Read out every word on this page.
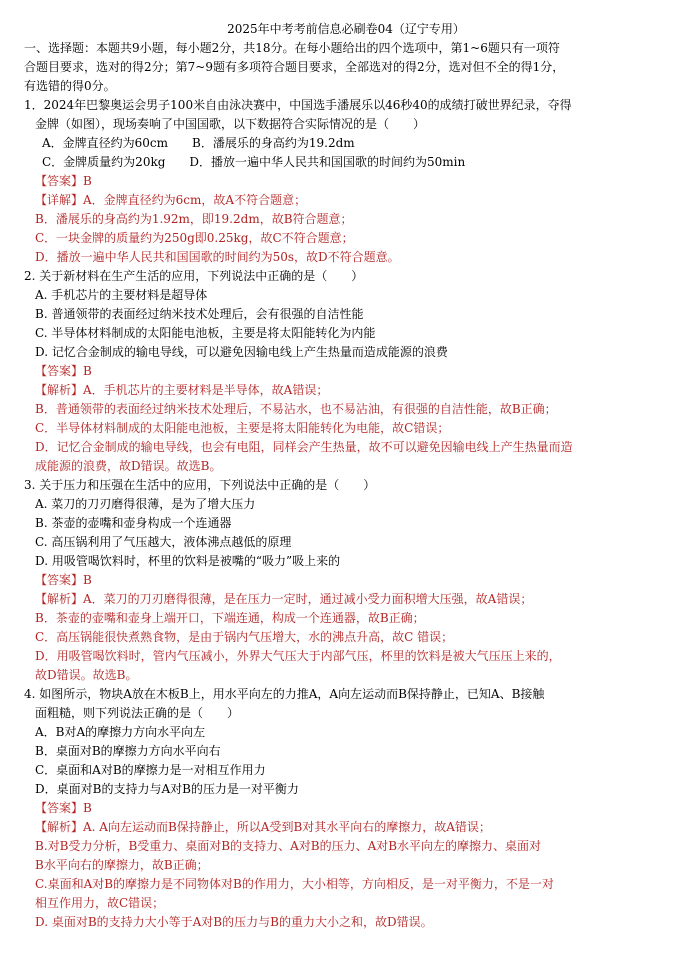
2025年中考考前信息必刷卷04（辽宁专用）
一、选择题：本题共9小题，每小题2分，共18分。在每小题给出的四个选项中，第1~6题只有一项符
合题目要求，选对的得2分；第7~9题有多项符合题目要求，全部选对的得2分，选对但不全的得1分，
有选错的得0分。
1．2024年巴黎奥运会男子100米自由泳决赛中，中国选手潘展乐以46秒40的成绩打破世界纪录，夺得
金牌（如图），现场奏响了中国国歌，以下数据符合实际情况的是（　　）
A．金牌直径约为60cm　　B．潘展乐的身高约为19.2dm
C．金牌质量约为20kg　　D．播放一遍中华人民共和国国歌的时间约为50min
【答案】B
【详解】A．金牌直径约为6cm，故A不符合题意；
B．潘展乐的身高约为1.92m，即19.2dm，故B符合题意；
C．一块金牌的质量约为250g即0.25kg，故C不符合题意；
D．播放一遍中华人民共和国国歌的时间约为50s，故D不符合题意。
2. 关于新材料在生产生活的应用，下列说法中正确的是（　　）
A. 手机芯片的主要材料是超导体
B. 普通领带的表面经过纳米技术处理后，会有很强的自洁性能
C. 半导体材料制成的太阳能电池板，主要是将太阳能转化为内能
D. 记忆合金制成的输电导线，可以避免因输电线上产生热量而造成能源的浪费
【答案】B
【解析】A．手机芯片的主要材料是半导体，故A错误；
B．普通领带的表面经过纳米技术处理后，不易沾水，也不易沾油，有很强的自洁性能，故B正确；
C．半导体材料制成的太阳能电池板，主要是将太阳能转化为电能，故C错误；
D．记忆合金制成的输电导线，也会有电阻，同样会产生热量，故不可以避免因输电线上产生热量而造
成能源的浪费，故D错误。故选B。
3. 关于压力和压强在生活中的应用，下列说法中正确的是（　　）
A. 菜刀的刀刃磨得很薄，是为了增大压力
B. 茶壶的壶嘴和壶身构成一个连通器
C. 高压锅利用了气压越大，液体沸点越低的原理
D. 用吸管喝饮料时，杯里的饮料是被嘴的“吸力”吸上来的
【答案】B
【解析】A．菜刀的刀刃磨得很薄，是在压力一定时，通过减小受力面积增大压强，故A错误；
B．茶壶的壶嘴和壶身上端开口，下端连通，构成一个连通器，故B正确；
C．高压锅能很快煮熟食物，是由于锅内气压增大，水的沸点升高，故C 错误；
D．用吸管喝饮料时，管内气压减小，外界大气压大于内部气压，杯里的饮料是被大气压压上来的，
故D错误。故选B。
4. 如图所示，物块A放在木板B上，用水平向左的力推A，A向左运动而B保持静止，已知A、B接触
面粗糙，则下列说法正确的是（　　）
A．B对A的摩擦力方向水平向左
B．桌面对B的摩擦力方向水平向右
C．桌面和A对B的摩擦力是一对相互作用力
D．桌面对B的支持力与A对B的压力是一对平衡力
【答案】B
【解析】A. A向左运动而B保持静止，所以A受到B对其水平向右的摩擦力，故A错误；
B.对B受力分析，B受重力、桌面对B的支持力、A对B的压力、A对B水平向左的摩擦力、桌面对
B水平向右的摩擦力，故B正确；
C.桌面和A对B的摩擦力是不同物体对B的作用力，大小相等，方向相反，是一对平衡力，不是一对
相互作用力，故C错误；
D. 桌面对B的支持力大小等于A对B的压力与B的重力大小之和，故D错误。
